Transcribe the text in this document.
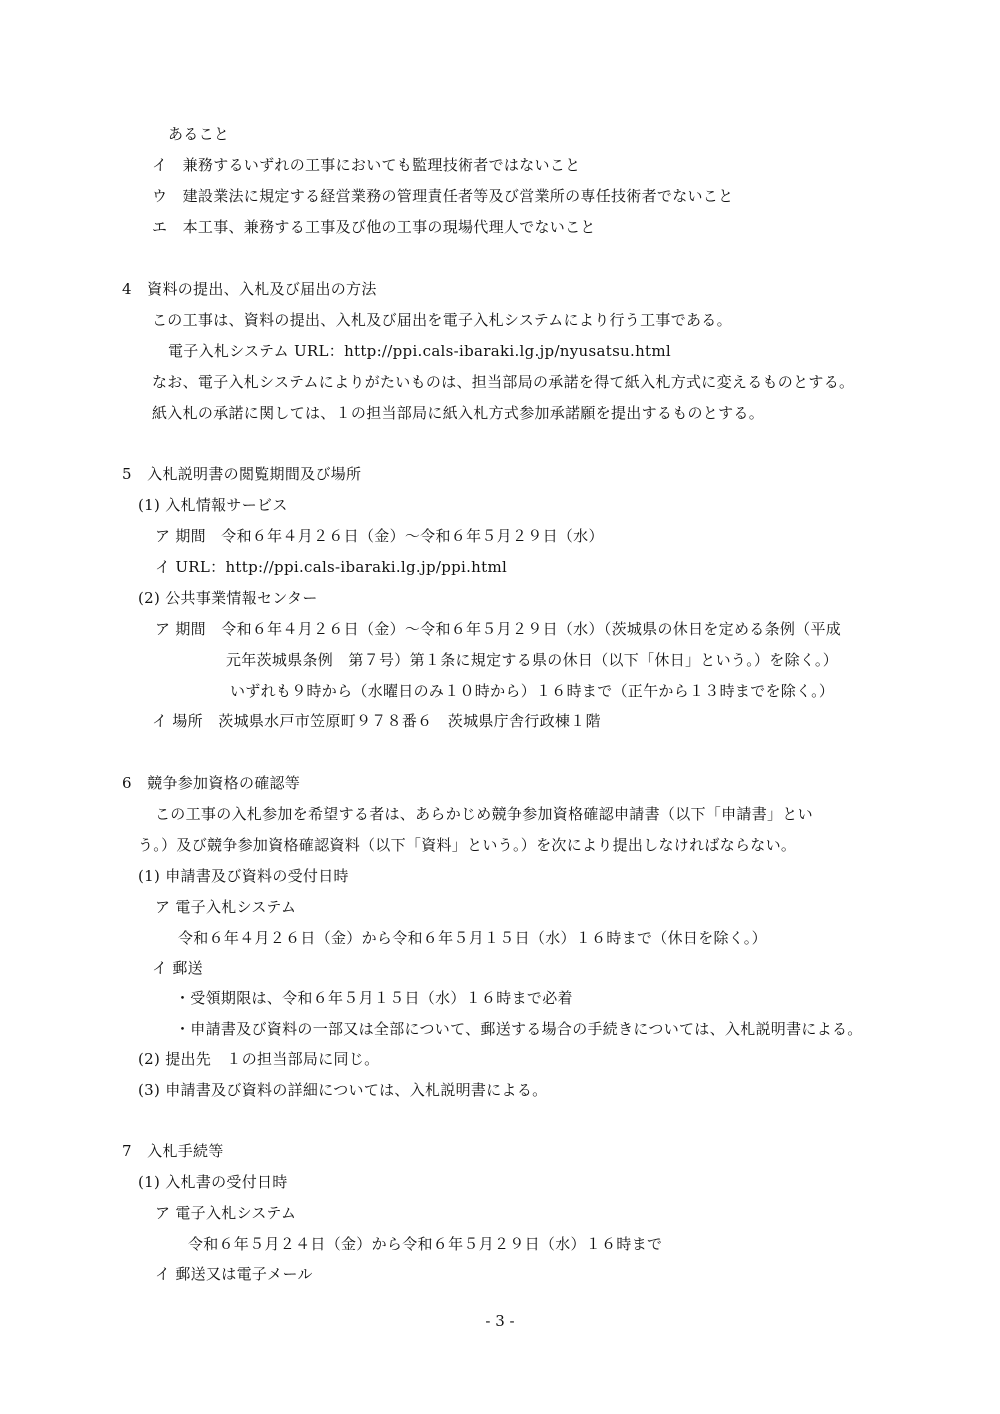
あること
イ　兼務するいずれの工事においても監理技術者ではないこと
ウ　建設業法に規定する経営業務の管理責任者等及び営業所の専任技術者でないこと
エ　本工事、兼務する工事及び他の工事の現場代理人でないこと
4　資料の提出、入札及び届出の方法
この工事は、資料の提出、入札及び届出を電子入札システムにより行う工事である。
電子入札システム URL：http://ppi.cals-ibaraki.lg.jp/nyusatsu.html
なお、電子入札システムによりがたいものは、担当部局の承諾を得て紙入札方式に変えるものとする。
紙入札の承諾に関しては、１の担当部局に紙入札方式参加承諾願を提出するものとする。
5　入札説明書の閲覧期間及び場所
(1) 入札情報サービス
ア 期間　令和６年４月２６日（金）～令和６年５月２９日（水）
イ URL：http://ppi.cals-ibaraki.lg.jp/ppi.html
(2) 公共事業情報センター
ア 期間　令和６年４月２６日（金）～令和６年５月２９日（水）（茨城県の休日を定める条例（平成
元年茨城県条例　第７号）第１条に規定する県の休日（以下「休日」という。）を除く。）
いずれも９時から（水曜日のみ１０時から）１６時まで（正午から１３時までを除く。）
イ 場所　茨城県水戸市笠原町９７８番６　茨城県庁舎行政棟１階
6　競争参加資格の確認等
この工事の入札参加を希望する者は、あらかじめ競争参加資格確認申請書（以下「申請書」とい
う。）及び競争参加資格確認資料（以下「資料」という。）を次により提出しなければならない。
(1) 申請書及び資料の受付日時
ア 電子入札システム
令和６年４月２６日（金）から令和６年５月１５日（水）１６時まで（休日を除く。）
イ 郵送
・受領期限は、令和６年５月１５日（水）１６時まで必着
・申請書及び資料の一部又は全部について、郵送する場合の手続きについては、入札説明書による。
(2) 提出先　１の担当部局に同じ。
(3) 申請書及び資料の詳細については、入札説明書による。
7　入札手続等
(1) 入札書の受付日時
ア 電子入札システム
令和６年５月２４日（金）から令和６年５月２９日（水）１６時まで
イ 郵送又は電子メール
- 3 -
